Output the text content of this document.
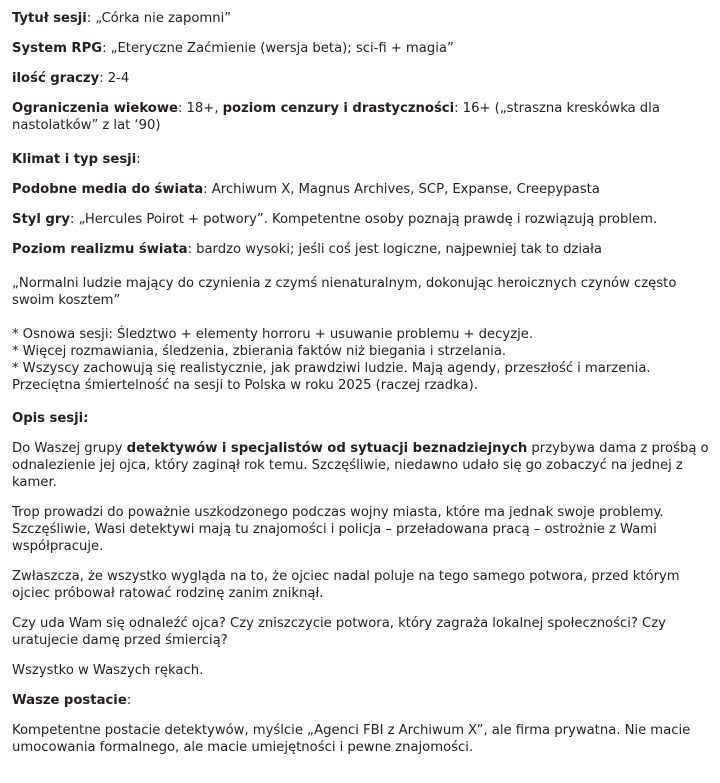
Tytuł sesji: „Córka nie zapomni”

System RPG: „Eteryczne Zaćmienie (wersja beta); sci-fi + magia”

ilość graczy: 2-4

Ograniczenia wiekowe: 18+, poziom cenzury i drastyczności: 16+ („straszna kreskówka dla nastolatków” z lat ‘90)

Klimat i typ sesji:

Podobne media do świata: Archiwum X, Magnus Archives, SCP, Expanse, Creepypasta

Styl gry: „Hercules Poirot + potwory”. Kompetentne osoby poznają prawdę i rozwiązują problem.

Poziom realizmu świata: bardzo wysoki; jeśli coś jest logiczne, najpewniej tak to działa

„Normalni ludzie mający do czynienia z czymś nienaturalnym, dokonując heroicznych czynów często swoim kosztem”

* Osnowa sesji: Śledztwo + elementy horroru + usuwanie problemu + decyzje.
* Więcej rozmawiania, śledzenia, zbierania faktów niż biegania i strzelania.
* Wszyscy zachowują się realistycznie, jak prawdziwi ludzie. Mają agendy, przeszłość i marzenia. Przeciętna śmiertelność na sesji to Polska w roku 2025 (raczej rzadka).

Opis sesji:

Do Waszej grupy detektywów i specjalistów od sytuacji beznadziejnych przybywa dama z prośbą o odnalezienie jej ojca, który zaginął rok temu. Szczęśliwie, niedawno udało się go zobaczyć na jednej z kamer.

Trop prowadzi do poważnie uszkodzonego podczas wojny miasta, które ma jednak swoje problemy. Szczęśliwie, Wasi detektywi mają tu znajomości i policja – przeładowana pracą – ostrożnie z Wami współpracuje.

Zwłaszcza, że wszystko wygląda na to, że ojciec nadal poluje na tego samego potwora, przed którym ojciec próbował ratować rodzinę zanim zniknął.

Czy uda Wam się odnaleźć ojca? Czy zniszczycie potwora, który zagraża lokalnej społeczności? Czy uratujecie damę przed śmiercią?

Wszystko w Waszych rękach.

Wasze postacie:

Kompetentne postacie detektywów, myślcie „Agenci FBI z Archiwum X”, ale firma prywatna. Nie macie umocowania formalnego, ale macie umiejętności i pewne znajomości.
